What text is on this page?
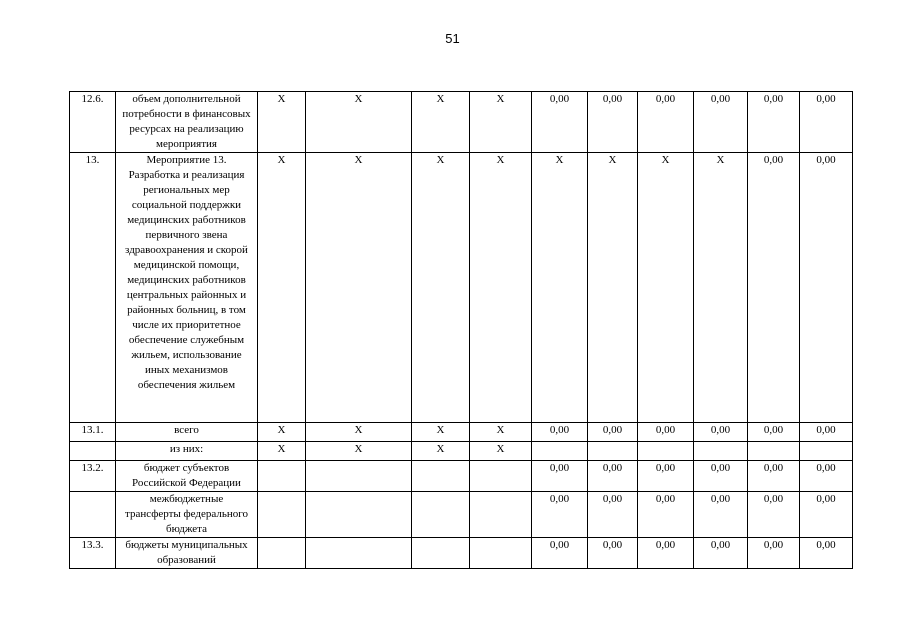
51
12.6.	объем дополнительной потребности в финансовых ресурсах на реализацию мероприятия	X	X	X	X	0,00	0,00	0,00	0,00	0,00	0,00
13.	Мероприятие 13. Разработка и реализация региональных мер социальной поддержки медицинских работников первичного звена здравоохранения и скорой медицинской помощи, медицинских работников центральных районных и районных больниц, в том числе их приоритетное обеспечение служебным жильем, использование иных механизмов обеспечения жильем	X	X	X	X	X	X	X	X	0,00	0,00
13.1.	всего	X	X	X	X	0,00	0,00	0,00	0,00	0,00	0,00
	из них:	X	X	X	X						
13.2.	бюджет субъектов Российской Федерации					0,00	0,00	0,00	0,00	0,00	0,00
	межбюджетные трансферты федерального бюджета					0,00	0,00	0,00	0,00	0,00	0,00
13.3.	бюджеты муниципальных образований					0,00	0,00	0,00	0,00	0,00	0,00
